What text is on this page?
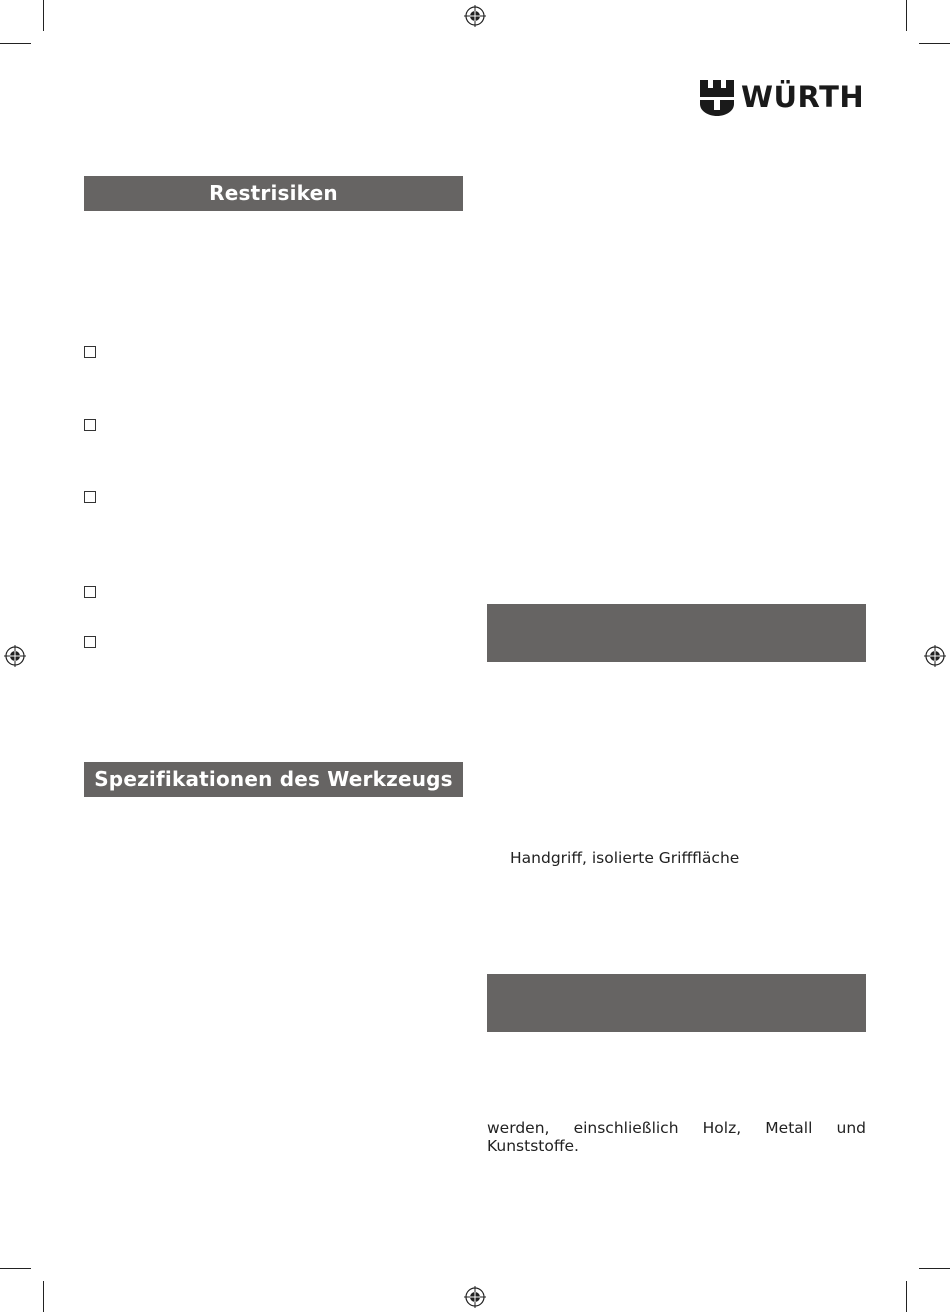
WÜRTH
Restrisiken
Spezifikationen des Werkzeugs
Handgriff, isolierte Grifffläche
werden, einschließlich Holz, Metall und Kunststoffe.
